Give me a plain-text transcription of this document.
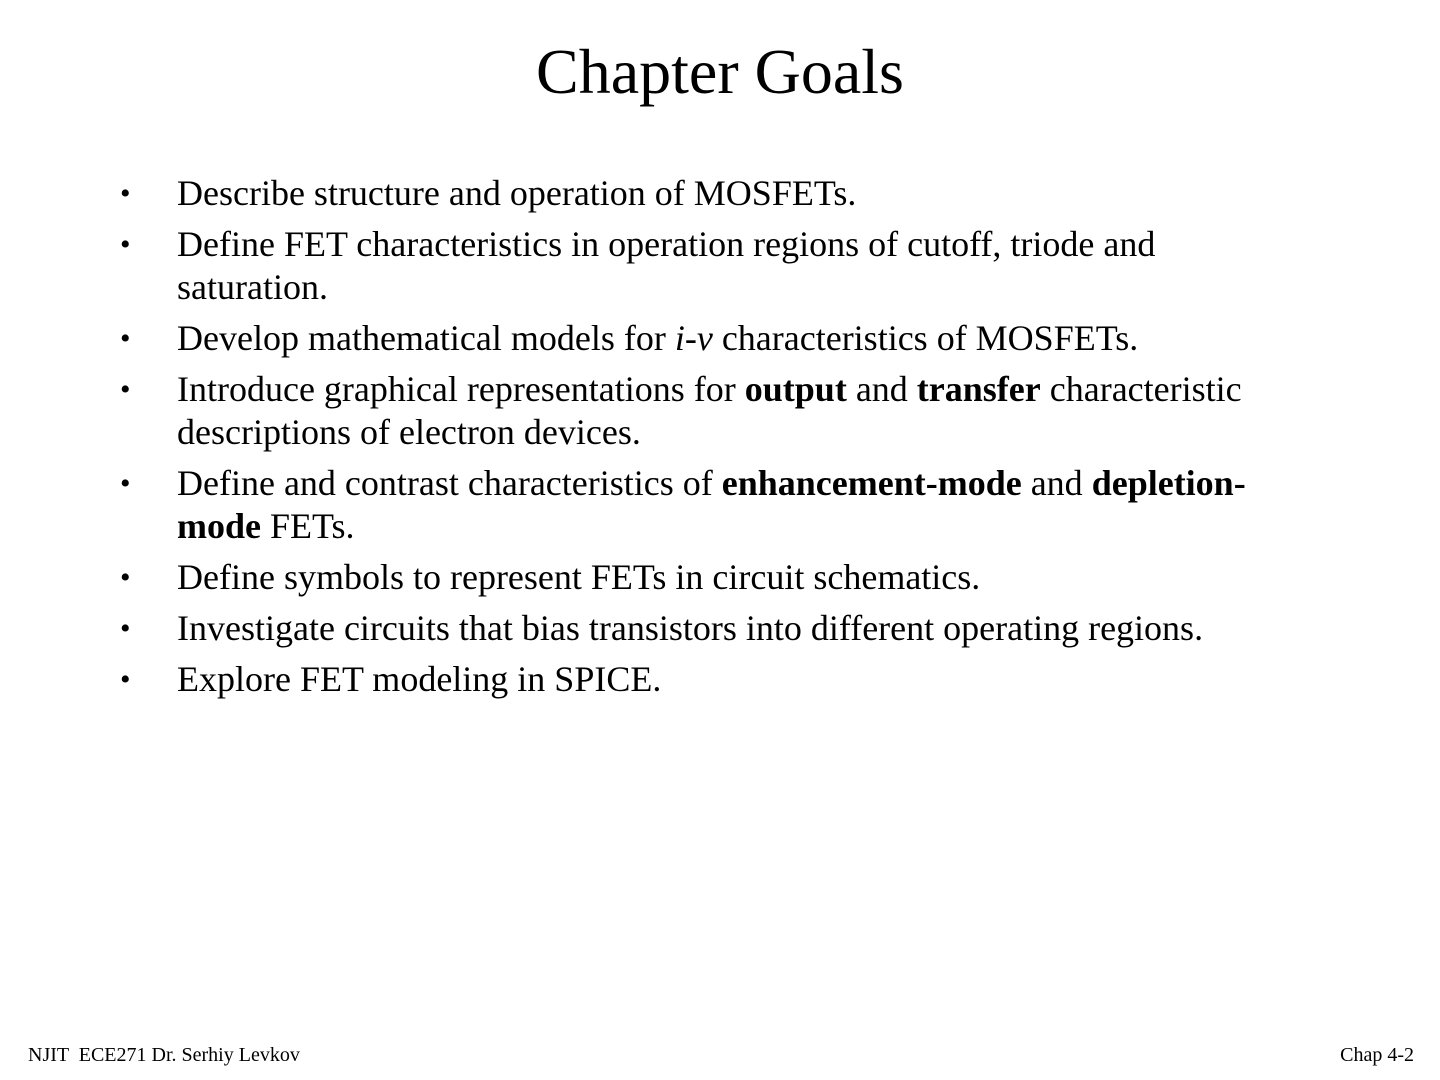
Chapter Goals
• Describe structure and operation of MOSFETs.
• Define FET characteristics in operation regions of cutoff, triode and saturation.
• Develop mathematical models for i-v characteristics of MOSFETs.
• Introduce graphical representations for output and transfer characteristic descriptions of electron devices.
• Define and contrast characteristics of enhancement-mode and depletion-mode FETs.
• Define symbols to represent FETs in circuit schematics.
• Investigate circuits that bias transistors into different operating regions.
• Explore FET modeling in SPICE.
NJIT  ECE271 Dr. Serhiy Levkov	Chap 4-2
